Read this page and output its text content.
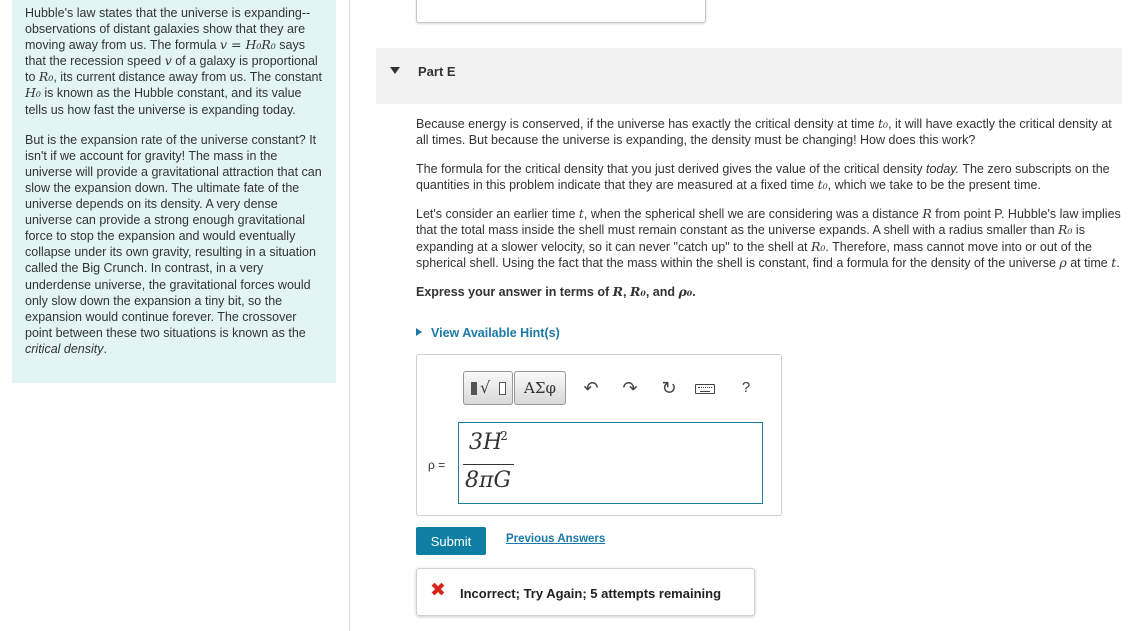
Hubble's law states that the universe is expanding--observations of distant galaxies show that they are moving away from us. The formula v = H₀R₀ says that the recession speed v of a galaxy is proportional to R₀, its current distance away from us. The constant H₀ is known as the Hubble constant, and its value tells us how fast the universe is expanding today.

But is the expansion rate of the universe constant? It isn't if we account for gravity! The mass in the universe will provide a gravitational attraction that can slow the expansion down. The ultimate fate of the universe depends on its density. A very dense universe can provide a strong enough gravitational force to stop the expansion and would eventually collapse under its own gravity, resulting in a situation called the Big Crunch. In contrast, in a very underdense universe, the gravitational forces would only slow down the expansion a tiny bit, so the expansion would continue forever. The crossover point between these two situations is known as the critical density.

Part E

Because energy is conserved, if the universe has exactly the critical density at time t₀, it will have exactly the critical density at all times. But because the universe is expanding, the density must be changing! How does this work?

The formula for the critical density that you just derived gives the value of the critical density today. The zero subscripts on the quantities in this problem indicate that they are measured at a fixed time t₀, which we take to be the present time.

Let's consider an earlier time t, when the spherical shell we are considering was a distance R from point P. Hubble's law implies that the total mass inside the shell must remain constant as the universe expands. A shell with a radius smaller than R₀ is expanding at a slower velocity, so it can never "catch up" to the shell at R₀. Therefore, mass cannot move into or out of the spherical shell. Using the fact that the mass within the shell is constant, find a formula for the density of the universe ρ at time t.

Express your answer in terms of R, R₀, and ρ₀.

View Available Hint(s)
√	ΑΣφ	↶ ↷ ↻	?
ρ =
$3H^2$
8πG
Submit	Previous Answers
✖ Incorrect; Try Again; 5 attempts remaining
